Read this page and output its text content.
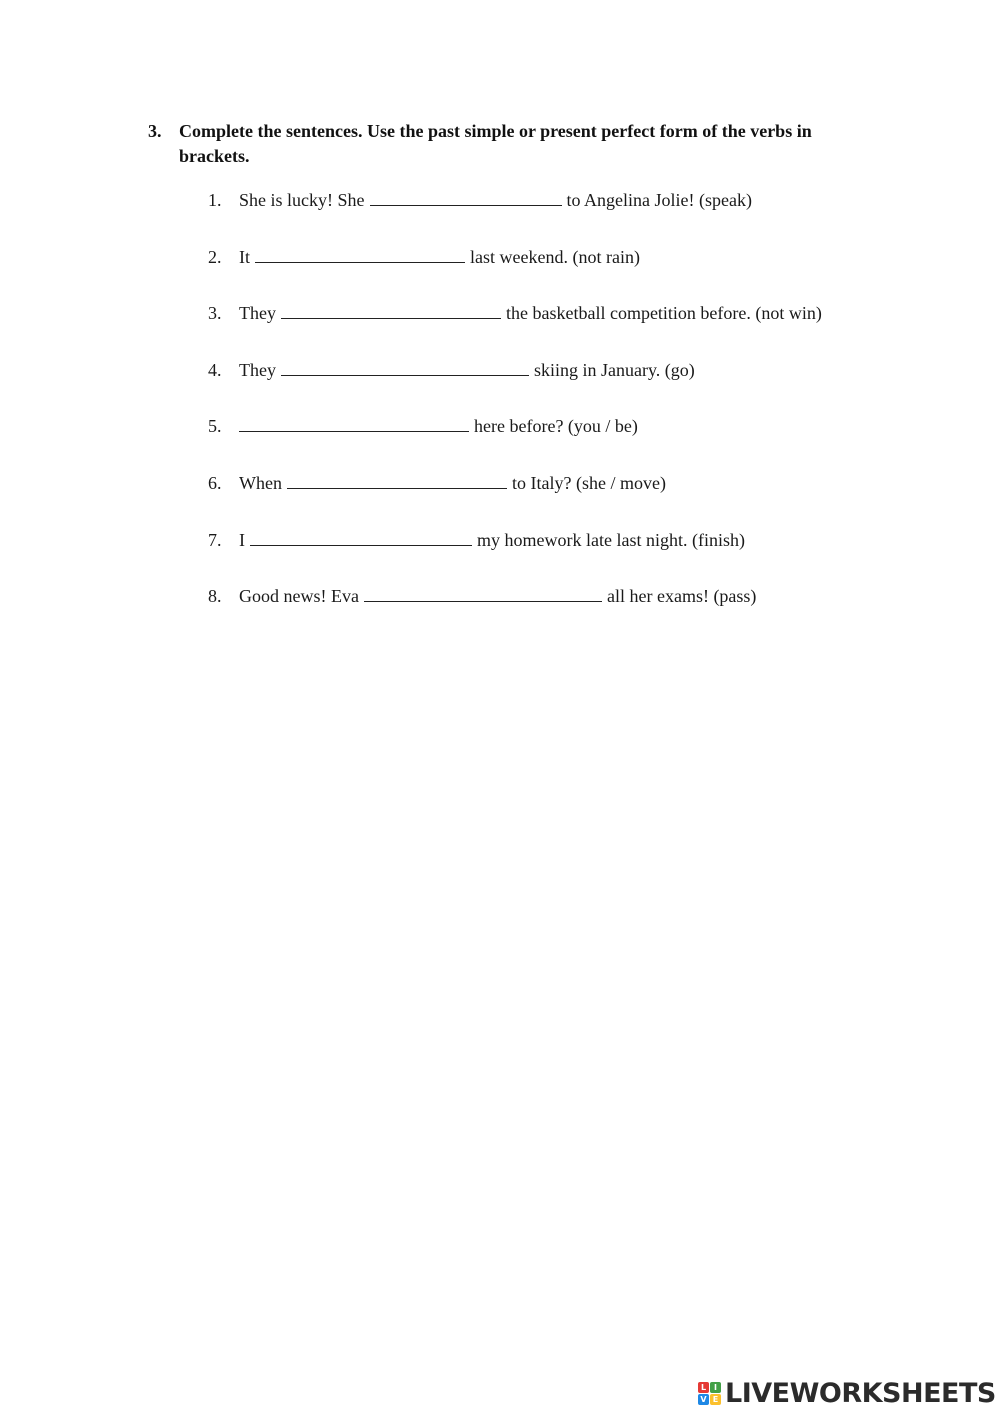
3. Complete the sentences. Use the past simple or present perfect form of the verbs in brackets.
1. She is lucky! She	to Angelina Jolie! (speak)
2. It	last weekend. (not rain)
3. They	the basketball competition before. (not win)
4. They	skiing in January. (go)
5.	here before? (you / be)
6. When	to Italy? (she / move)
7. I	my homework late last night. (finish)
8. Good news! Eva	all her exams! (pass)
L I
V E LIVEWORKSHEETS
